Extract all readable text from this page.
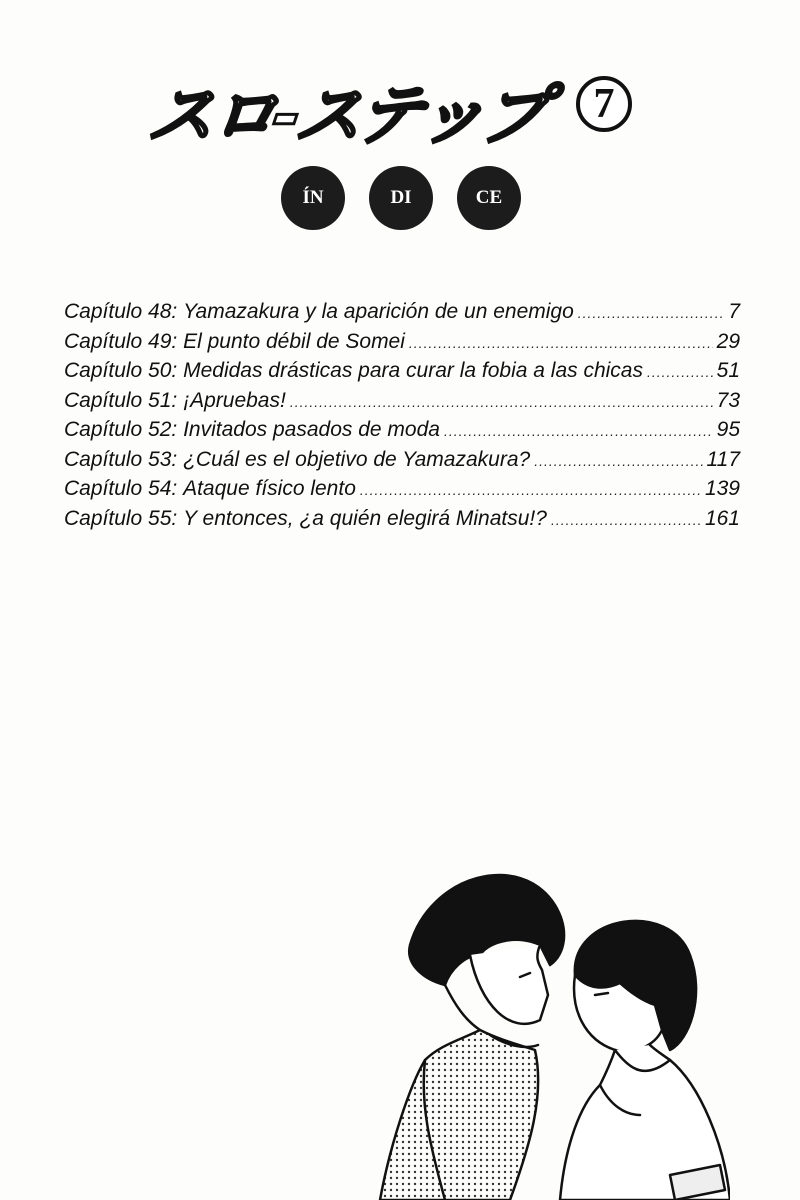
スロ-ステップ	7
ÍN	DI	CE
Capítulo 48 : Yamazakura y la aparición de un enemigo .....	7
Capítulo 49 : El punto débil de Somei .....	29
Capítulo 50 : Medidas drásticas para curar la fobia a las chicas .....	51
Capítulo 51 : ¡Apruebas! .....	73
Capítulo 52 : Invitados pasados de moda .....	95
Capítulo 53 : ¿Cuál es el objetivo de Yamazakura? .....	117
Capítulo 54 : Ataque físico lento .....	139
Capítulo 55 : Y entonces, ¿a quién elegirá Minatsu!? .....	161
